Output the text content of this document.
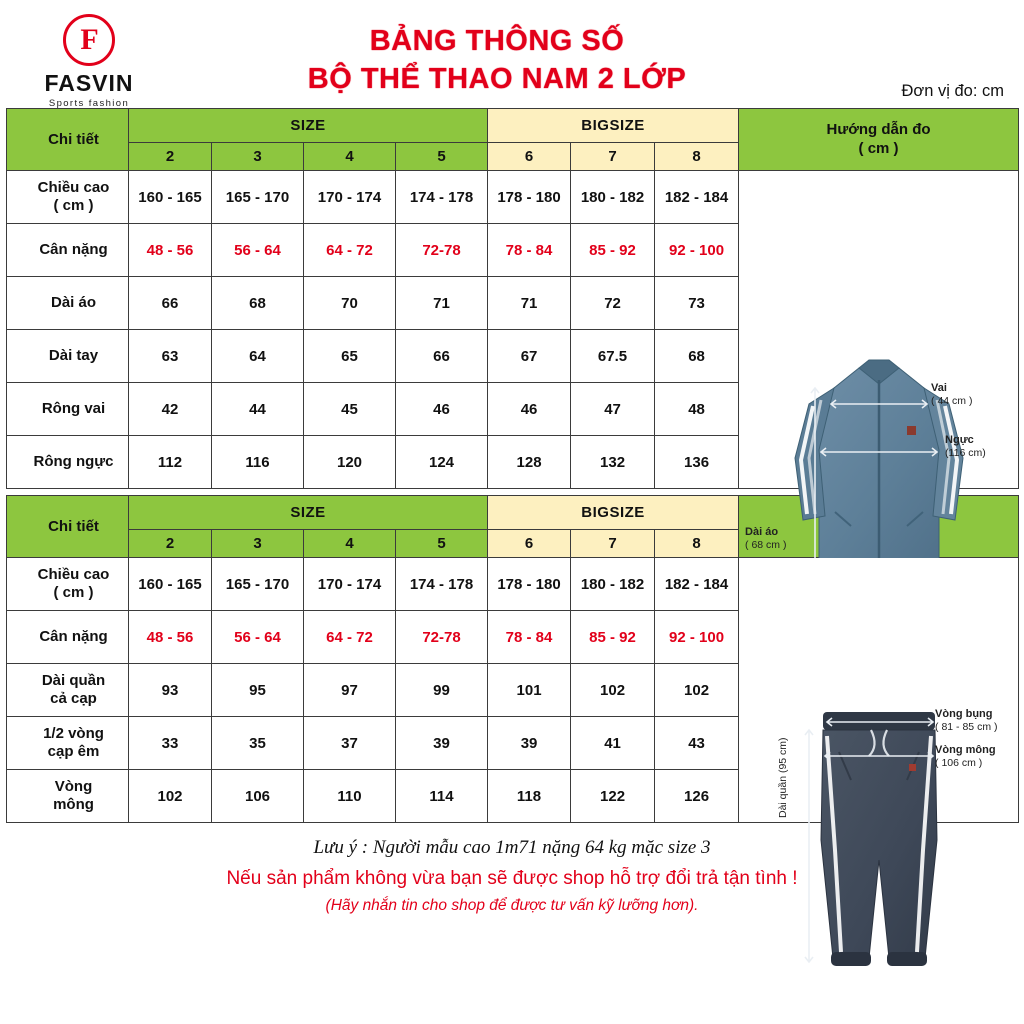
F
FASVIN
Sports fashion
BẢNG THÔNG SỐ
BỘ THỂ THAO NAM 2 LỚP	Đơn vị đo: cm
Chi tiết	SIZE				BIGSIZE			Hướng dẫn đo
( cm )

	2	3	4	5	6	7	8	

Chiều cao
( cm )	160 - 165	165 - 170	170 - 174	174 - 178	178 - 180	180 - 182	182 - 184	
Vai
( 44 cm )
Ngực
(116 cm)
Dài áo
( 68 cm )

Cân nặng	48 - 56	56 - 64	64 - 72	72-78	78 - 84	85 - 92	92 - 100	

Dài áo	66	68	70	71	71	72	73	

Dài tay	63	64	65	66	67	67.5	68	

Rông vai	42	44	45	46	46	47	48	

Rông ngực	112	116	120	124	128	132	136	
Chi tiết	SIZE				BIGSIZE	

	2	3	4	5	6	7	8	

Chiều cao
( cm )	160 - 165	165 - 170	170 - 174	174 - 178	178 - 180	180 - 182	182 - 184	
Vòng bụng
( 81 - 85 cm )
Vòng mông
( 106 cm )
Dài quần (95 cm)

Cân nặng	48 - 56	56 - 64	64 - 72	72-78	78 - 84	85 - 92	92 - 100	

Dài quần
cả cạp	93	95	97	99	101	102	102	

1/2 vòng
cạp êm	33	35	37	39	39	41	43	

Vòng
mông	102	106	110	114	118	122	126	
Lưu ý : Người mẫu cao 1m71 nặng 64 kg mặc size 3
Nếu sản phẩm không vừa bạn sẽ được shop hỗ trợ đổi trả tận tình !
(Hãy nhắn tin cho shop để được tư vấn kỹ lưỡng hơn).
